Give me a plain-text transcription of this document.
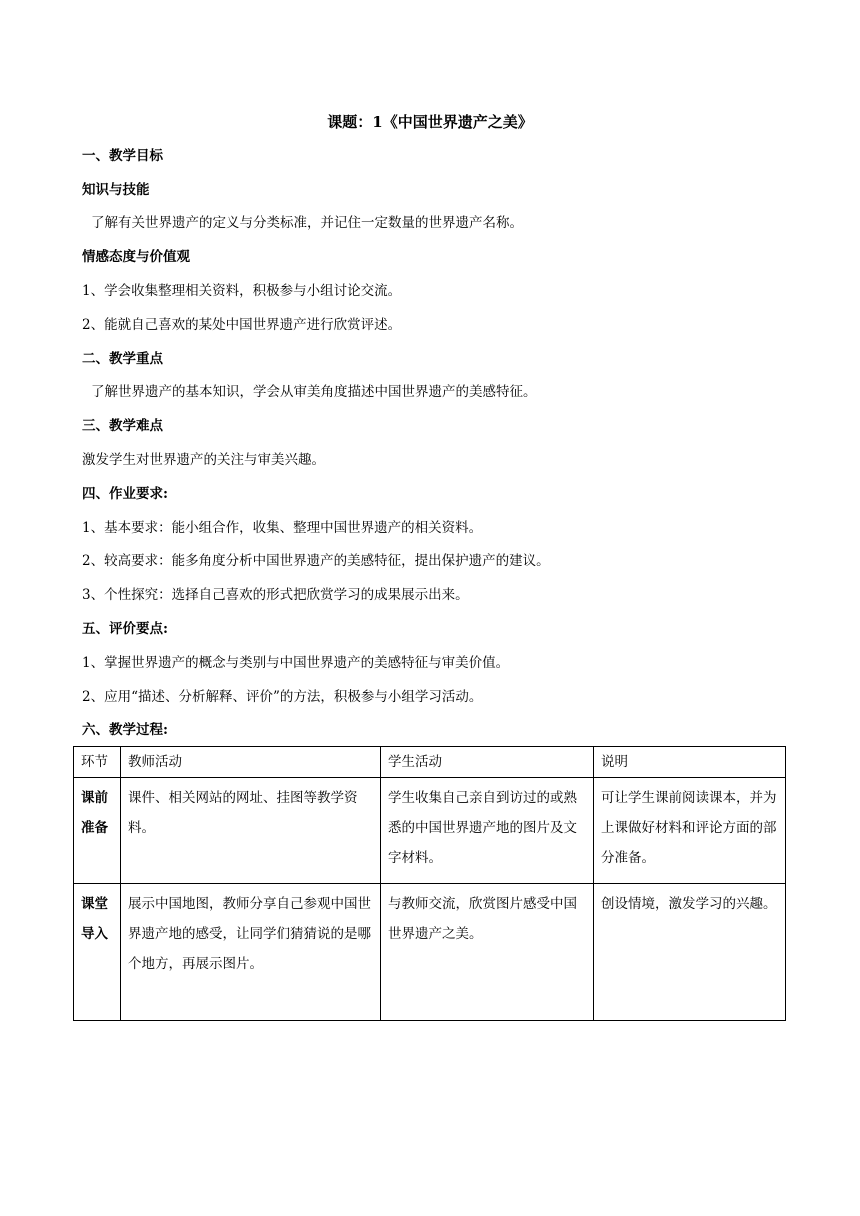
课题：1《中国世界遗产之美》
一、教学目标
知识与技能
了解有关世界遗产的定义与分类标准，并记住一定数量的世界遗产名称。
情感态度与价值观
1、学会收集整理相关资料，积极参与小组讨论交流。
2、能就自己喜欢的某处中国世界遗产进行欣赏评述。
二、教学重点
了解世界遗产的基本知识，学会从审美角度描述中国世界遗产的美感特征。
三、教学难点
激发学生对世界遗产的关注与审美兴趣。
四、作业要求:
1、基本要求：能小组合作，收集、整理中国世界遗产的相关资料。
2、较高要求：能多角度分析中国世界遗产的美感特征，提出保护遗产的建议。
3、个性探究：选择自己喜欢的形式把欣赏学习的成果展示出来。
五、评价要点:
1、掌握世界遗产的概念与类别与中国世界遗产的美感特征与审美价值。
2、应用“描述、分析解释、评价”的方法，积极参与小组学习活动。
六、教学过程:
环节	教师活动	学生活动	说明
课前准备	课件、相关网站的网址、挂图等教学资料。	学生收集自己亲自到访过的或熟悉的中国世界遗产地的图片及文字材料。	可让学生课前阅读课本，并为上课做好材料和评论方面的部分准备。
课堂导入	展示中国地图，教师分享自己参观中国世界遗产地的感受，让同学们猜猜说的是哪个地方，再展示图片。	与教师交流，欣赏图片感受中国世界遗产之美。	创设情境，激发学习的兴趣。
